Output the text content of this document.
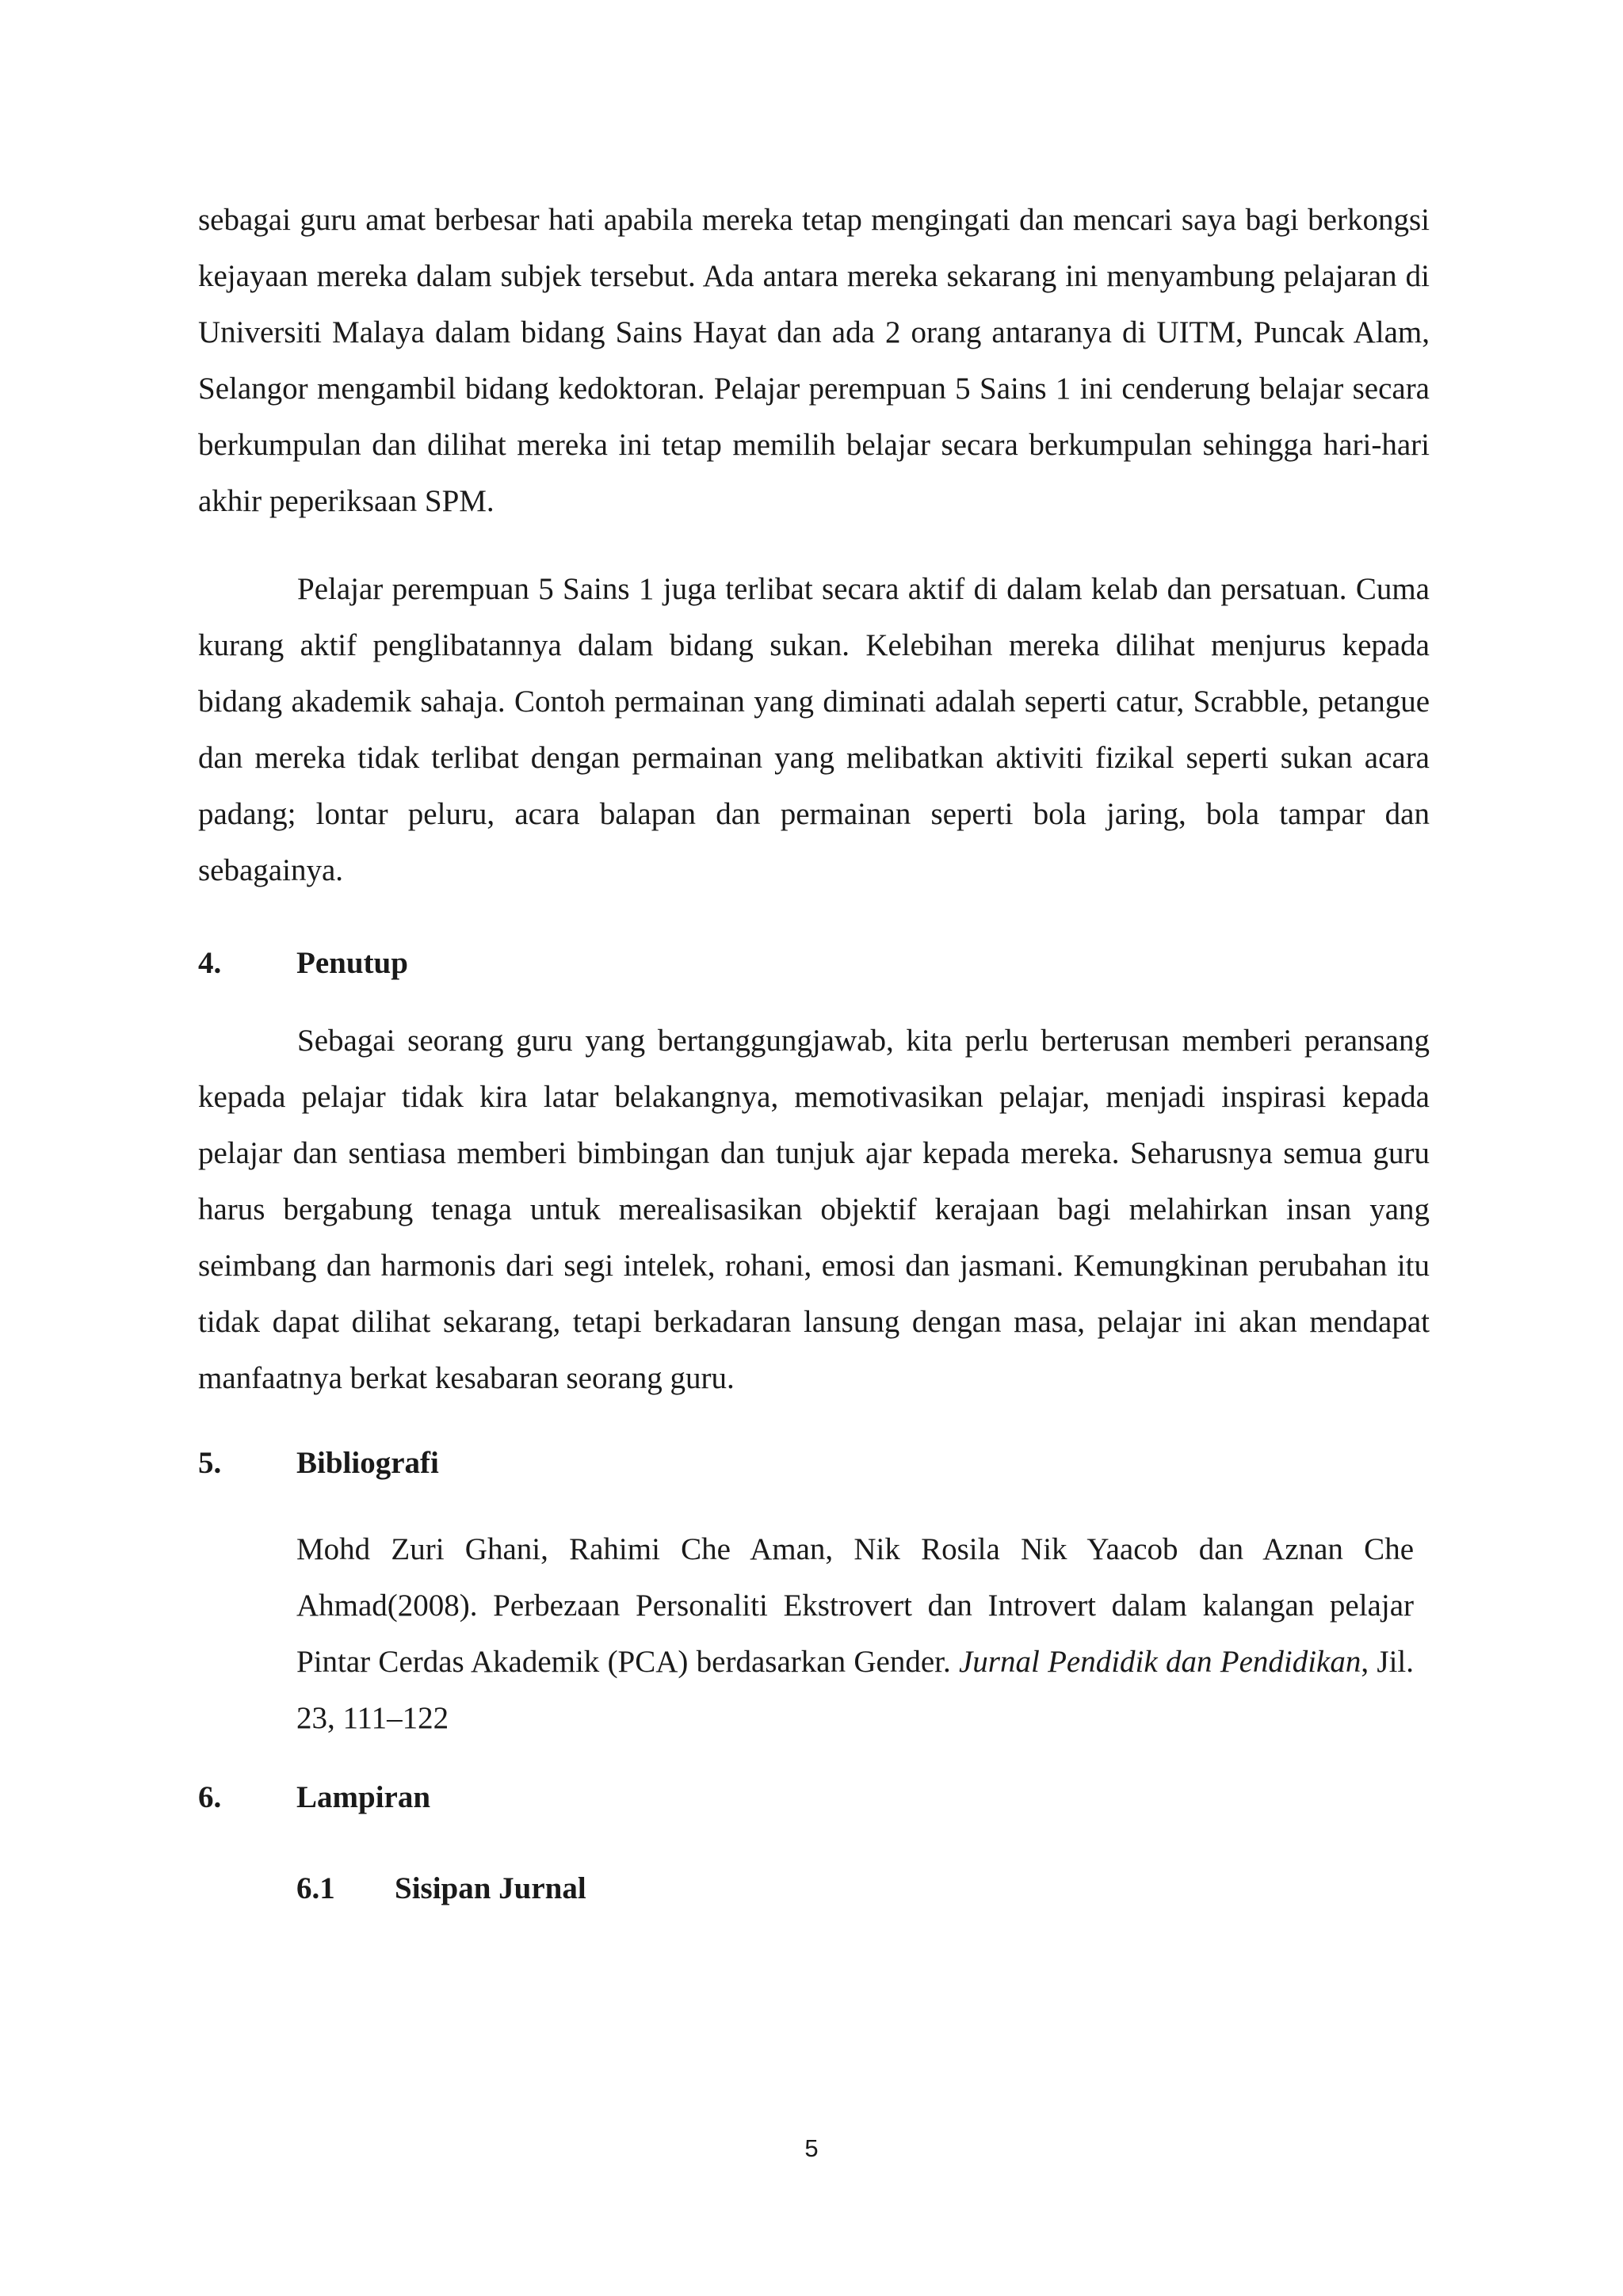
sebagai guru amat berbesar hati apabila mereka tetap mengingati dan mencari saya bagi berkongsi kejayaan mereka dalam subjek tersebut. Ada antara mereka sekarang ini menyambung pelajaran di Universiti Malaya dalam bidang Sains Hayat dan ada 2 orang antaranya di UITM, Puncak Alam, Selangor mengambil bidang kedoktoran. Pelajar perempuan 5 Sains 1 ini cenderung belajar secara berkumpulan dan dilihat mereka ini tetap memilih belajar secara berkumpulan sehingga hari-hari akhir peperiksaan SPM.

Pelajar perempuan 5 Sains 1 juga terlibat secara aktif di dalam kelab dan persatuan. Cuma kurang aktif penglibatannya dalam bidang sukan. Kelebihan mereka dilihat menjurus kepada bidang akademik sahaja. Contoh permainan yang diminati adalah seperti catur, Scrabble, petangue dan mereka tidak terlibat dengan permainan yang melibatkan aktiviti fizikal seperti sukan acara padang; lontar peluru, acara balapan dan permainan seperti bola jaring, bola tampar dan sebagainya.

4. Penutup

Sebagai seorang guru yang bertanggungjawab, kita perlu berterusan memberi peransang kepada pelajar tidak kira latar belakangnya, memotivasikan pelajar, menjadi inspirasi kepada pelajar dan sentiasa memberi bimbingan dan tunjuk ajar kepada mereka. Seharusnya semua guru harus bergabung tenaga untuk merealisasikan objektif kerajaan bagi melahirkan insan yang seimbang dan harmonis dari segi intelek, rohani, emosi dan jasmani. Kemungkinan perubahan itu tidak dapat dilihat sekarang, tetapi berkadaran lansung dengan masa, pelajar ini akan mendapat manfaatnya berkat kesabaran seorang guru.

5. Bibliografi

Mohd Zuri Ghani, Rahimi Che Aman, Nik Rosila Nik Yaacob dan Aznan Che Ahmad(2008). Perbezaan Personaliti Ekstrovert dan Introvert dalam kalangan pelajar Pintar Cerdas Akademik (PCA) berdasarkan Gender. Jurnal Pendidik dan Pendidikan, Jil. 23, 111–122

6. Lampiran
6.1 Sisipan Jurnal
5
